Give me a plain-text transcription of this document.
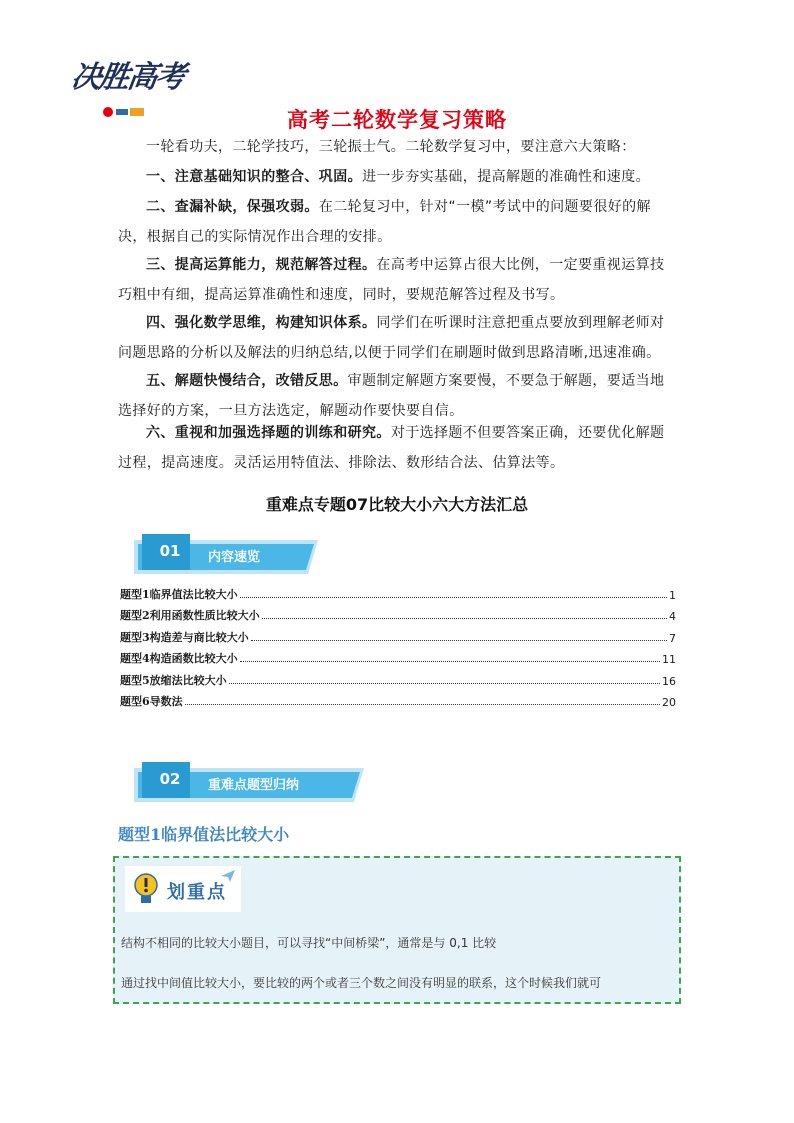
决胜高考
高考二轮数学复习策略
一轮看功夫，二轮学技巧，三轮振士气。二轮数学复习中，要注意六大策略：
一、注意基础知识的整合、巩固。进一步夯实基础，提高解题的准确性和速度。
二、查漏补缺，保强攻弱。在二轮复习中，针对“一模”考试中的问题要很好的解决，根据自己的实际情况作出合理的安排。
三、提高运算能力，规范解答过程。在高考中运算占很大比例，一定要重视运算技巧粗中有细，提高运算准确性和速度，同时，要规范解答过程及书写。
四、强化数学思维，构建知识体系。同学们在听课时注意把重点要放到理解老师对问题思路的分析以及解法的归纳总结,以便于同学们在刷题时做到思路清晰,迅速准确。
五、解题快慢结合，改错反思。审题制定解题方案要慢，不要急于解题，要适当地选择好的方案，一旦方法选定，解题动作要快要自信。
六、重视和加强选择题的训练和研究。对于选择题不但要答案正确，还要优化解题过程，提高速度。灵活运用特值法、排除法、数形结合法、估算法等。
重难点专题07比较大小六大方法汇总
01	内容速览
题型1临界值法比较大小	1
题型2利用函数性质比较大小	4
题型3构造差与商比较大小	7
题型4构造函数比较大小	11
题型5放缩法比较大小	16
题型6导数法	20
02	重难点题型归纳
题型1临界值法比较大小
划重点
结构不相同的比较大小题目，可以寻找“中间桥梁”，通常是与 0,1 比较
通过找中间值比较大小，要比较的两个或者三个数之间没有明显的联系，这个时候我们就可
